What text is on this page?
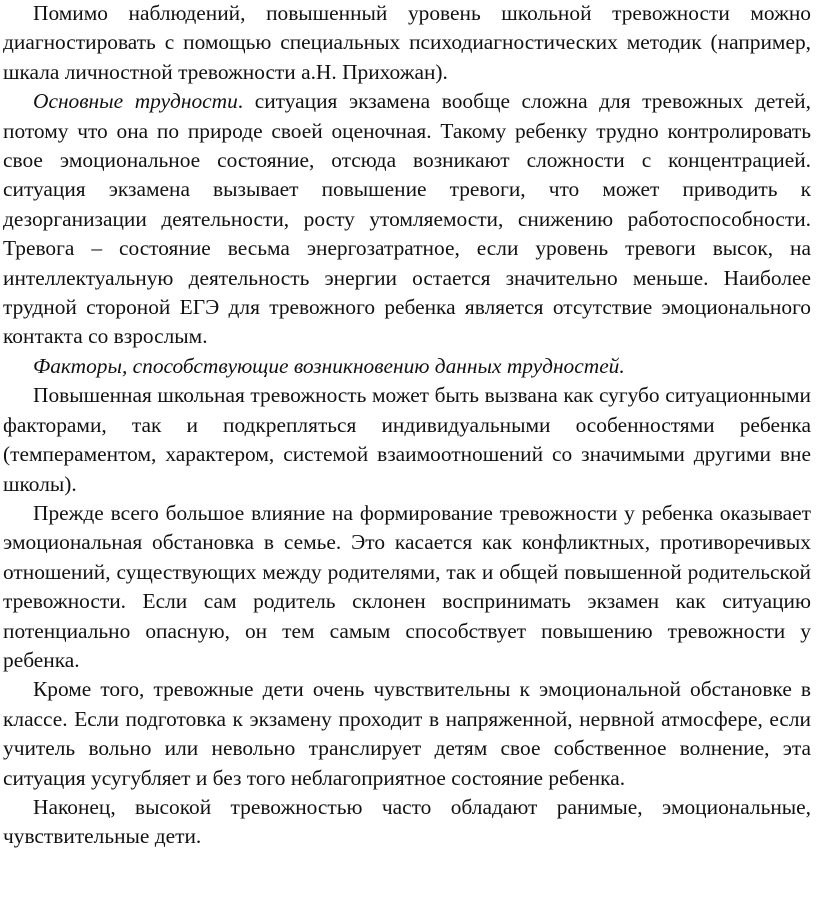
Помимо наблюдений, повышенный уровень школьной тревожности можно диагностировать с помощью специальных психодиагностических методик (например, шкала личностной тревожности а.Н. Прихожан).

Основные трудности. ситуация экзамена вообще сложна для тревожных детей, потому что она по природе своей оценочная. Такому ребенку трудно контролировать свое эмоциональное состояние, отсюда возникают сложности с концентрацией. ситуация экзамена вызывает повышение тревоги, что может приводить к дезорганизации деятельности, росту утомляемости, снижению работоспособности. Тревога – состояние весьма энергозатратное, если уровень тревоги высок, на интеллектуальную деятельность энергии остается значительно меньше. Наиболее трудной стороной ЕГЭ для тревожного ребенка является отсутствие эмоционального контакта со взрослым.

Факторы, способствующие возникновению данных трудностей.

Повышенная школьная тревожность может быть вызвана как сугубо ситуационными факторами, так и подкрепляться индивидуальными особенностями ребенка (темпераментом, характером, системой взаимоотношений со значимыми другими вне школы).

Прежде всего большое влияние на формирование тревожности у ребенка оказывает эмоциональная обстановка в семье. Это касается как конфликтных, противоречивых отношений, существующих между родителями, так и общей повышенной родительской тревожности. Если сам родитель склонен воспринимать экзамен как ситуацию потенциально опасную, он тем самым способствует повышению тревожности у ребенка.

Кроме того, тревожные дети очень чувствительны к эмоциональной обстановке в классе. Если подготовка к экзамену проходит в напряженной, нервной атмосфере, если учитель вольно или невольно транслирует детям свое собственное волнение, эта ситуация усугубляет и без того неблагоприятное состояние ребенка.

Наконец, высокой тревожностью часто обладают ранимые, эмоциональные, чувствительные дети.
